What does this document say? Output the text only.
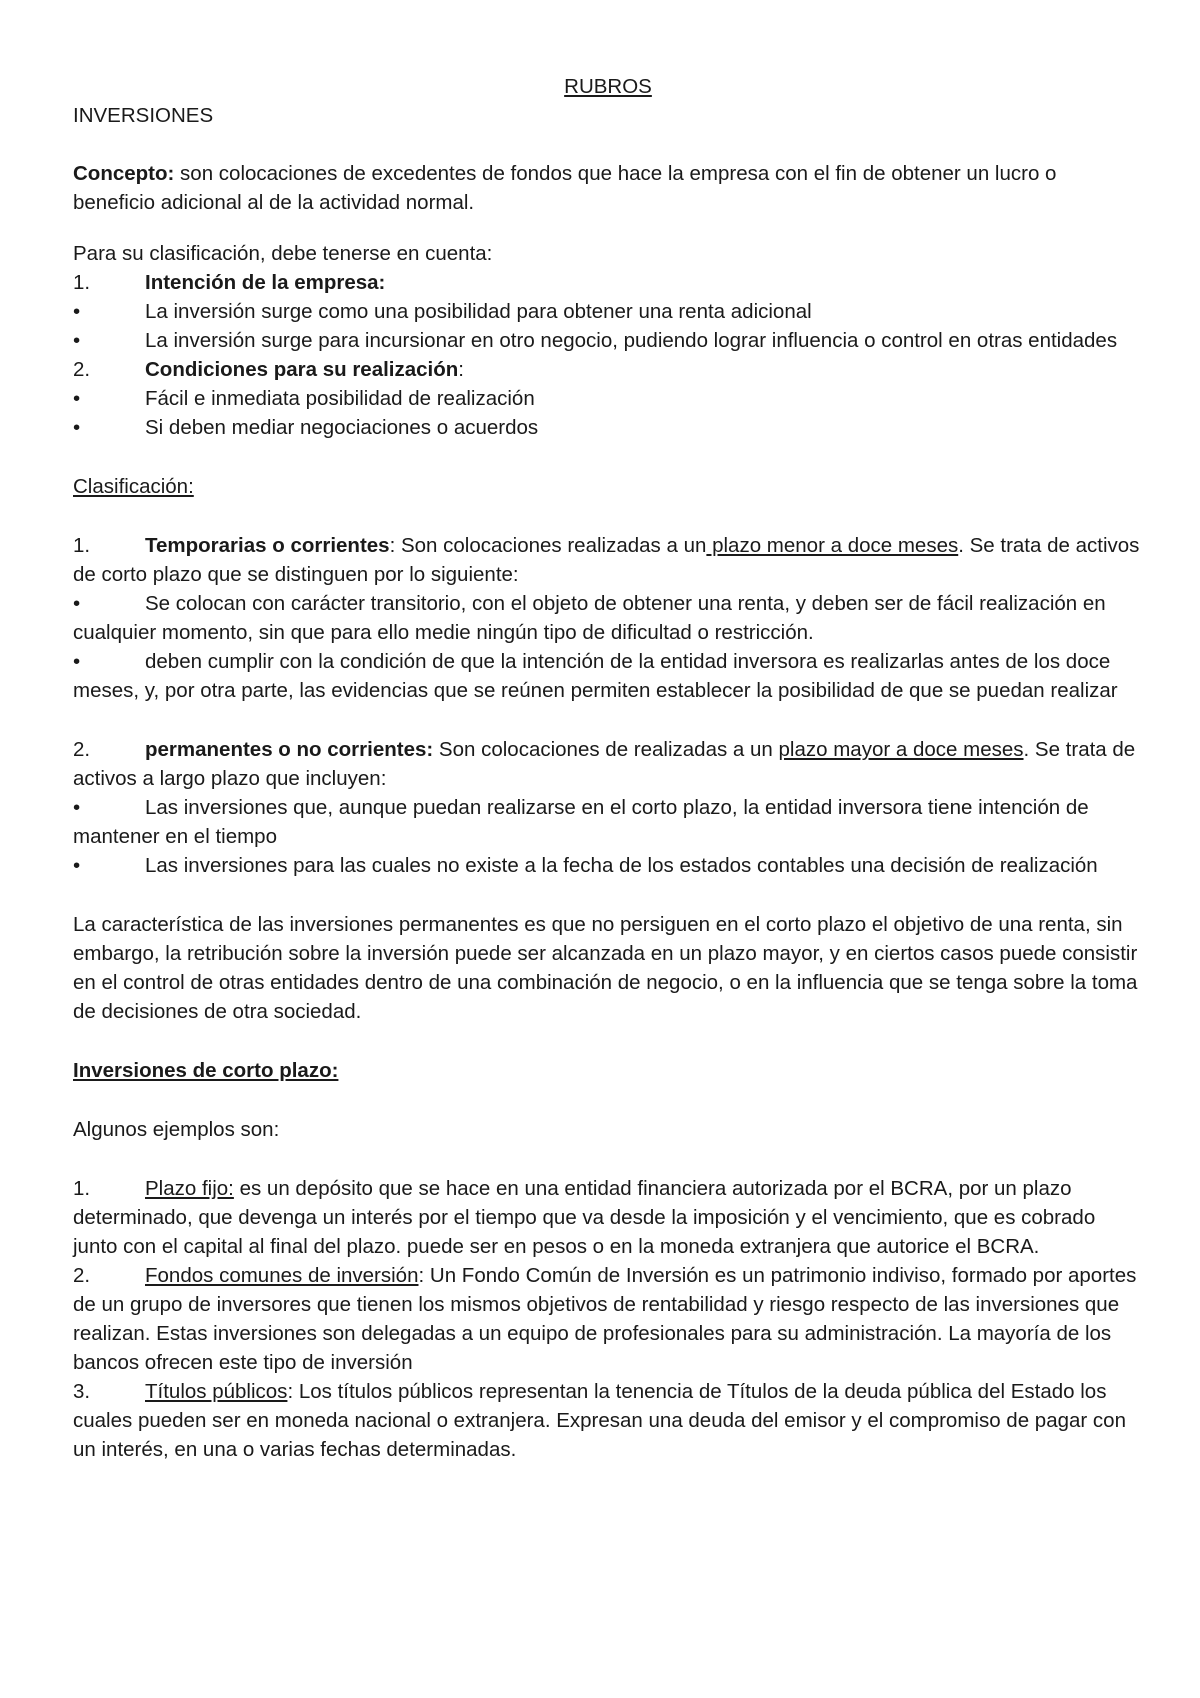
RUBROS
INVERSIONES
Concepto: son colocaciones de excedentes de fondos que hace la empresa con el fin de obtener un lucro o beneficio adicional al de la actividad normal.
Para su clasificación, debe tenerse en cuenta:
1.	Intención de la empresa:
•	La inversión surge como una posibilidad para obtener una renta adicional
•	La inversión surge para incursionar en otro negocio, pudiendo lograr influencia o control en otras entidades
2.	Condiciones para su realización:
•	Fácil e inmediata posibilidad de realización
•	Si deben mediar negociaciones o acuerdos
Clasificación:
1.	Temporarias o corrientes: Son colocaciones realizadas a un plazo menor a doce meses. Se trata de activos de corto plazo que se distinguen por lo siguiente:
•	Se colocan con carácter transitorio, con el objeto de obtener una renta, y deben ser de fácil realización en cualquier momento, sin que para ello medie ningún tipo de dificultad o restricción.
•	deben cumplir con la condición de que la intención de la entidad inversora es realizarlas antes de los doce meses, y, por otra parte, las evidencias que se reúnen permiten establecer la posibilidad de que se puedan realizar
2.	permanentes o no corrientes: Son colocaciones de realizadas a un plazo mayor a doce meses. Se trata de activos a largo plazo que incluyen:
•	Las inversiones que, aunque puedan realizarse en el corto plazo, la entidad inversora tiene intención de mantener en el tiempo
•	Las inversiones para las cuales no existe a la fecha de los estados contables una decisión de realización
La característica de las inversiones permanentes es que no persiguen en el corto plazo el objetivo de una renta, sin embargo, la retribución sobre la inversión puede ser alcanzada en un plazo mayor, y en ciertos casos puede consistir en el control de otras entidades dentro de una combinación de negocio, o en la influencia que se tenga sobre la toma de decisiones de otra sociedad.
Inversiones de corto plazo:
Algunos ejemplos son:
1.	Plazo fijo: es un depósito que se hace en una entidad financiera autorizada por el BCRA, por un plazo determinado, que devenga un interés por el tiempo que va desde la imposición y el vencimiento, que es cobrado junto con el capital al final del plazo. puede ser en pesos o en la moneda extranjera que autorice el BCRA.
2.	Fondos comunes de inversión: Un Fondo Común de Inversión es un patrimonio indiviso, formado por aportes de un grupo de inversores que tienen los mismos objetivos de rentabilidad y riesgo respecto de las inversiones que realizan. Estas inversiones son delegadas a un equipo de profesionales para su administración. La mayoría de los bancos ofrecen este tipo de inversión
3.	Títulos públicos: Los títulos públicos representan la tenencia de Títulos de la deuda pública del Estado los cuales pueden ser en moneda nacional o extranjera. Expresan una deuda del emisor y el compromiso de pagar con un interés, en una o varias fechas determinadas.
